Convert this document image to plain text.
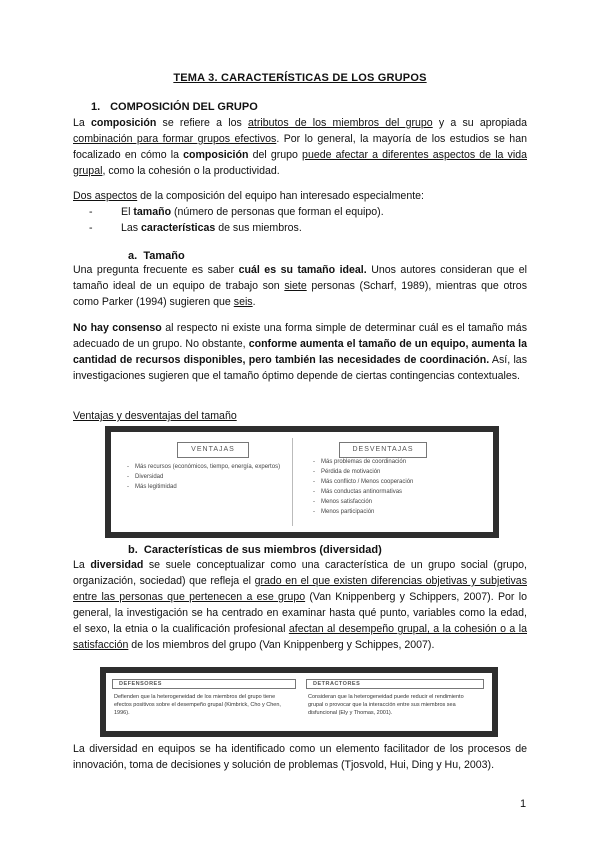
TEMA 3. CARACTERÍSTICAS DE LOS GRUPOS
1. COMPOSICIÓN DEL GRUPO
La composición se refiere a los atributos de los miembros del grupo y a su apropiada combinación para formar grupos efectivos. Por lo general, la mayoría de los estudios se han focalizado en cómo la composición del grupo puede afectar a diferentes aspectos de la vida grupal, como la cohesión o la productividad.
Dos aspectos de la composición del equipo han interesado especialmente:
-	El tamaño (número de personas que forman el equipo).
-	Las características de sus miembros.
a. Tamaño
Una pregunta frecuente es saber cuál es su tamaño ideal. Unos autores consideran que el tamaño ideal de un equipo de trabajo son siete personas (Scharf, 1989), mientras que otros como Parker (1994) sugieren que seis.
No hay consenso al respecto ni existe una forma simple de determinar cuál es el tamaño más adecuado de un grupo. No obstante, conforme aumenta el tamaño de un equipo, aumenta la cantidad de recursos disponibles, pero también las necesidades de coordinación. Así, las investigaciones sugieren que el tamaño óptimo depende de ciertas contingencias contextuales.
Ventajas y desventajas del tamaño
VENTAJAS	DESVENTAJAS
- Más recursos (económicos, tiempo, energía, expertos)
- Diversidad
- Más legitimidad
- Más problemas de coordinación
- Pérdida de motivación
- Más conflicto / Menos cooperación
- Más conductas antinormativas
- Menos satisfacción
- Menos participación
b. Características de sus miembros (diversidad)
La diversidad se suele conceptualizar como una característica de un grupo social (grupo, organización, sociedad) que refleja el grado en el que existen diferencias objetivas y subjetivas entre las personas que pertenecen a ese grupo (Van Knippenberg y Schippers, 2007). Por lo general, la investigación se ha centrado en examinar hasta qué punto, variables como la edad, el sexo, la etnia o la cualificación profesional afectan al desempeño grupal, a la cohesión o a la satisfacción de los miembros del grupo (Van Knippenberg y Schippes, 2007).
DEFENSORES	DETRACTORES
Defienden que la heterogeneidad de los miembros del grupo tiene efectos positivos sobre el desempeño grupal (Kimbrick, Cho y Chen, 1996).
Consideran que la heterogeneidad puede reducir el rendimiento grupal o provocar que la interacción entre sus miembros sea disfuncional (Ely y Thomas, 2001).
La diversidad en equipos se ha identificado como un elemento facilitador de los procesos de innovación, toma de decisiones y solución de problemas (Tjosvold, Hui, Ding y Hu, 2003).
1
